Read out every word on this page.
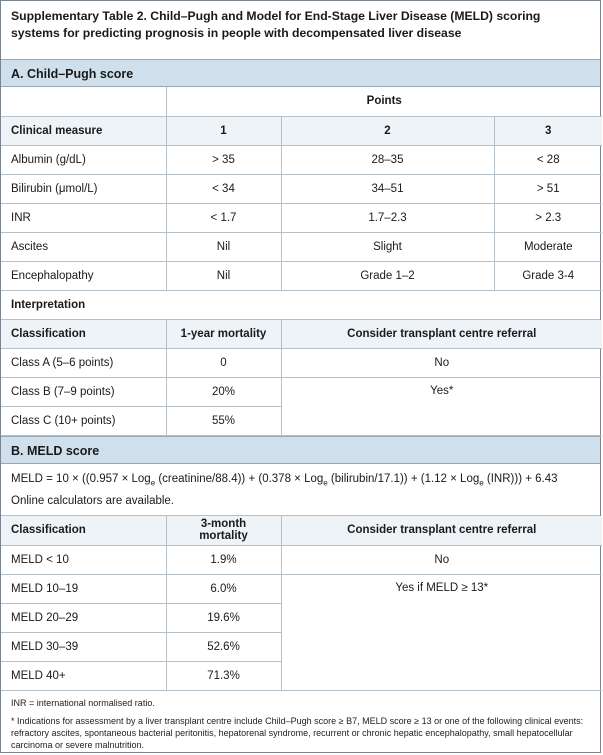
Supplementary Table 2. Child–Pugh and Model for End-Stage Liver Disease (MELD) scoring systems for predicting prognosis in people with decompensated liver disease
A. Child–Pugh score
	Points		
Clinical measure	1	2	3
Albumin (g/dL)	> 35	28–35	< 28
Bilirubin (μmol/L)	< 34	34–51	> 51
INR	< 1.7	1.7–2.3	> 2.3
Ascites	Nil	Slight	Moderate
Encephalopathy	Nil	Grade 1–2	Grade 3-4
Interpretation
Classification	1-year mortality	Consider transplant centre referral
Class A (5–6 points)	0	No
Class B (7–9 points)	20%	Yes*
Class C (10+ points)	55%	
B. MELD score
MELD = 10 × ((0.957 × Log$_e$ (creatinine/88.4)) + (0.378 × Log$_e$ (bilirubin/17.1)) + (1.12 × Log$_e$ (INR))) + 6.43
Online calculators are available.
Classification	3-month mortality	Consider transplant centre referral
MELD < 10	1.9%	No
MELD 10–19	6.0%	Yes if MELD ≥ 13*
MELD 20–29	19.6%	
MELD 30–39	52.6%	
MELD 40+	71.3%	

INR = international normalised ratio.

* Indications for assessment by a liver transplant centre include Child–Pugh score ≥ B7, MELD score ≥ 13 or one of the following clinical events: refractory ascites, spontaneous bacterial peritonitis, hepatorenal syndrome, recurrent or chronic hepatic encephalopathy, small hepatocellular carcinoma or severe malnutrition.
